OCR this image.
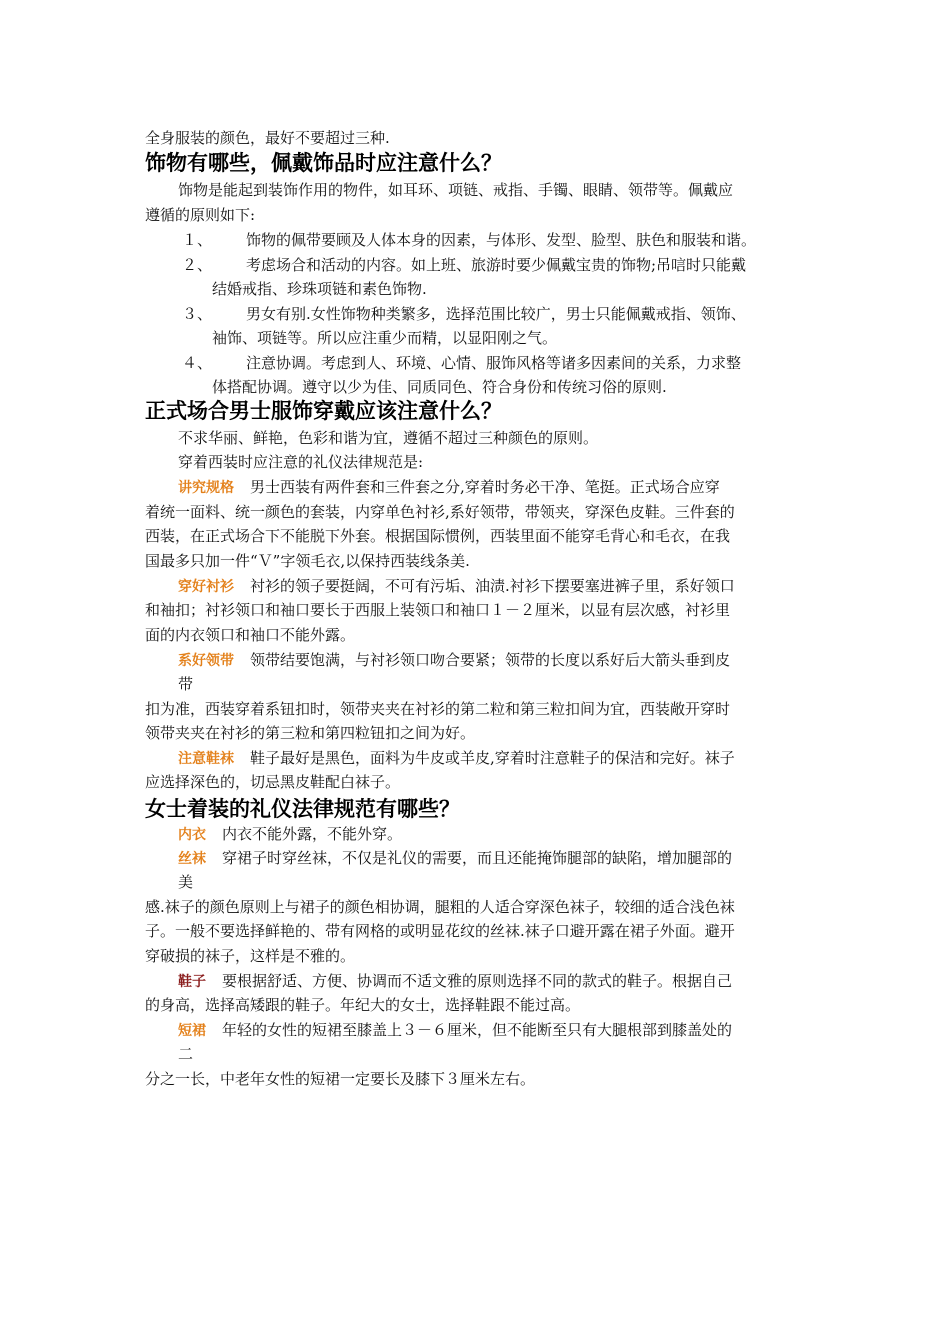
全身服装的颜色，最好不要超过三种.
饰物有哪些，佩戴饰品时应注意什么？
饰物是能起到装饰作用的物件，如耳环、项链、戒指、手镯、眼睛、领带等。佩戴应
遵循的原则如下:
１、 饰物的佩带要顾及人体本身的因素，与体形、发型、脸型、肤色和服装和谐。
２、 考虑场合和活动的内容。如上班、旅游时要少佩戴宝贵的饰物;吊唁时只能戴
结婚戒指、珍珠项链和素色饰物.
３、 男女有别.女性饰物种类繁多，选择范围比较广，男士只能佩戴戒指、领饰、
袖饰、项链等。所以应注重少而精，以显阳刚之气。
４、 注意协调。考虑到人、环境、心情、服饰风格等诸多因素间的关系，力求整
体搭配协调。遵守以少为佳、同质同色、符合身份和传统习俗的原则.
正式场合男士服饰穿戴应该注意什么？
不求华丽、鲜艳，色彩和谐为宜，遵循不超过三种颜色的原则。
穿着西装时应注意的礼仪法律规范是:
讲究规格 男士西装有两件套和三件套之分,穿着时务必干净、笔挺。正式场合应穿
着统一面料、统一颜色的套装，内穿单色衬衫,系好领带，带领夹，穿深色皮鞋。三件套的
西装，在正式场合下不能脱下外套。根据国际惯例，西装里面不能穿毛背心和毛衣，在我
国最多只加一件“Ｖ”字领毛衣,以保持西装线条美.
穿好衬衫 衬衫的领子要挺阔，不可有污垢、油渍.衬衫下摆要塞进裤子里，系好领口
和袖扣；衬衫领口和袖口要长于西服上装领口和袖口１－２厘米，以显有层次感，衬衫里
面的内衣领口和袖口不能外露。
系好领带 领带结要饱满，与衬衫领口吻合要紧；领带的长度以系好后大箭头垂到皮
带
扣为准，西装穿着系钮扣时，领带夹夹在衬衫的第二粒和第三粒扣间为宜，西装敞开穿时
领带夹夹在衬衫的第三粒和第四粒钮扣之间为好。
注意鞋袜 鞋子最好是黑色，面料为牛皮或羊皮,穿着时注意鞋子的保洁和完好。袜子
应选择深色的，切忌黑皮鞋配白袜子。
女士着装的礼仪法律规范有哪些？
内衣 内衣不能外露，不能外穿。
丝袜 穿裙子时穿丝袜，不仅是礼仪的需要，而且还能掩饰腿部的缺陷，增加腿部的
美
感.袜子的颜色原则上与裙子的颜色相协调，腿粗的人适合穿深色袜子，较细的适合浅色袜
子。一般不要选择鲜艳的、带有网格的或明显花纹的丝袜.袜子口避开露在裙子外面。避开
穿破损的袜子，这样是不雅的。
鞋子 要根据舒适、方便、协调而不适文雅的原则选择不同的款式的鞋子。根据自己
的身高，选择高矮跟的鞋子。年纪大的女士，选择鞋跟不能过高。
短裙 年轻的女性的短裙至膝盖上３－６厘米，但不能断至只有大腿根部到膝盖处的
二
分之一长，中老年女性的短裙一定要长及膝下３厘米左右。
